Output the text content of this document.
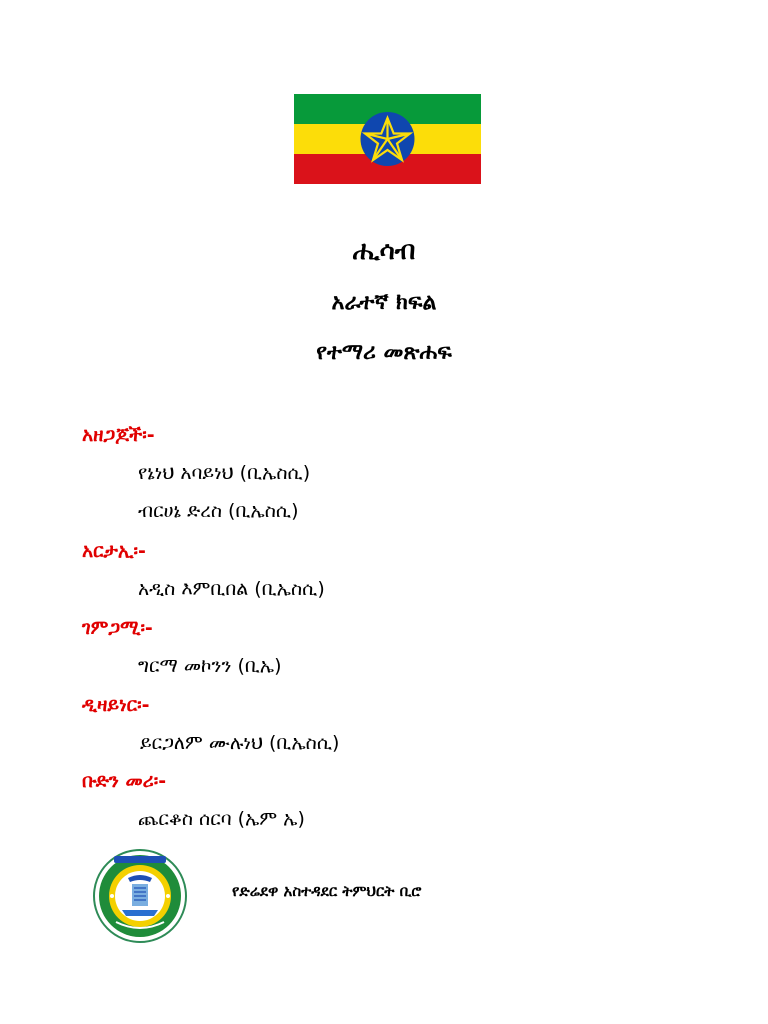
ሒሳብ
አራተኛ ክፍል
የተማሪ መጽሐፍ
አዘጋጆች፡-
የኔነህ አባይነህ (ቢኤስሲ)
ብርሀኔ ድረስ (ቢኤስሲ)
አርታኢ፡-
አዲስ እምቢበል (ቢኤስሲ)
ገምጋሚ፡-
ግርማ መኮንን (ቢኤ)
ዲዛይነር፡-
ይርጋለም ሙሉነህ (ቢኤስሲ)
ቡድን መሪ፡-
ጨርቆስ ሰርባ (ኤም ኤ)
የድሬደዋ አስተዳደር ትምህርት ቢሮ
